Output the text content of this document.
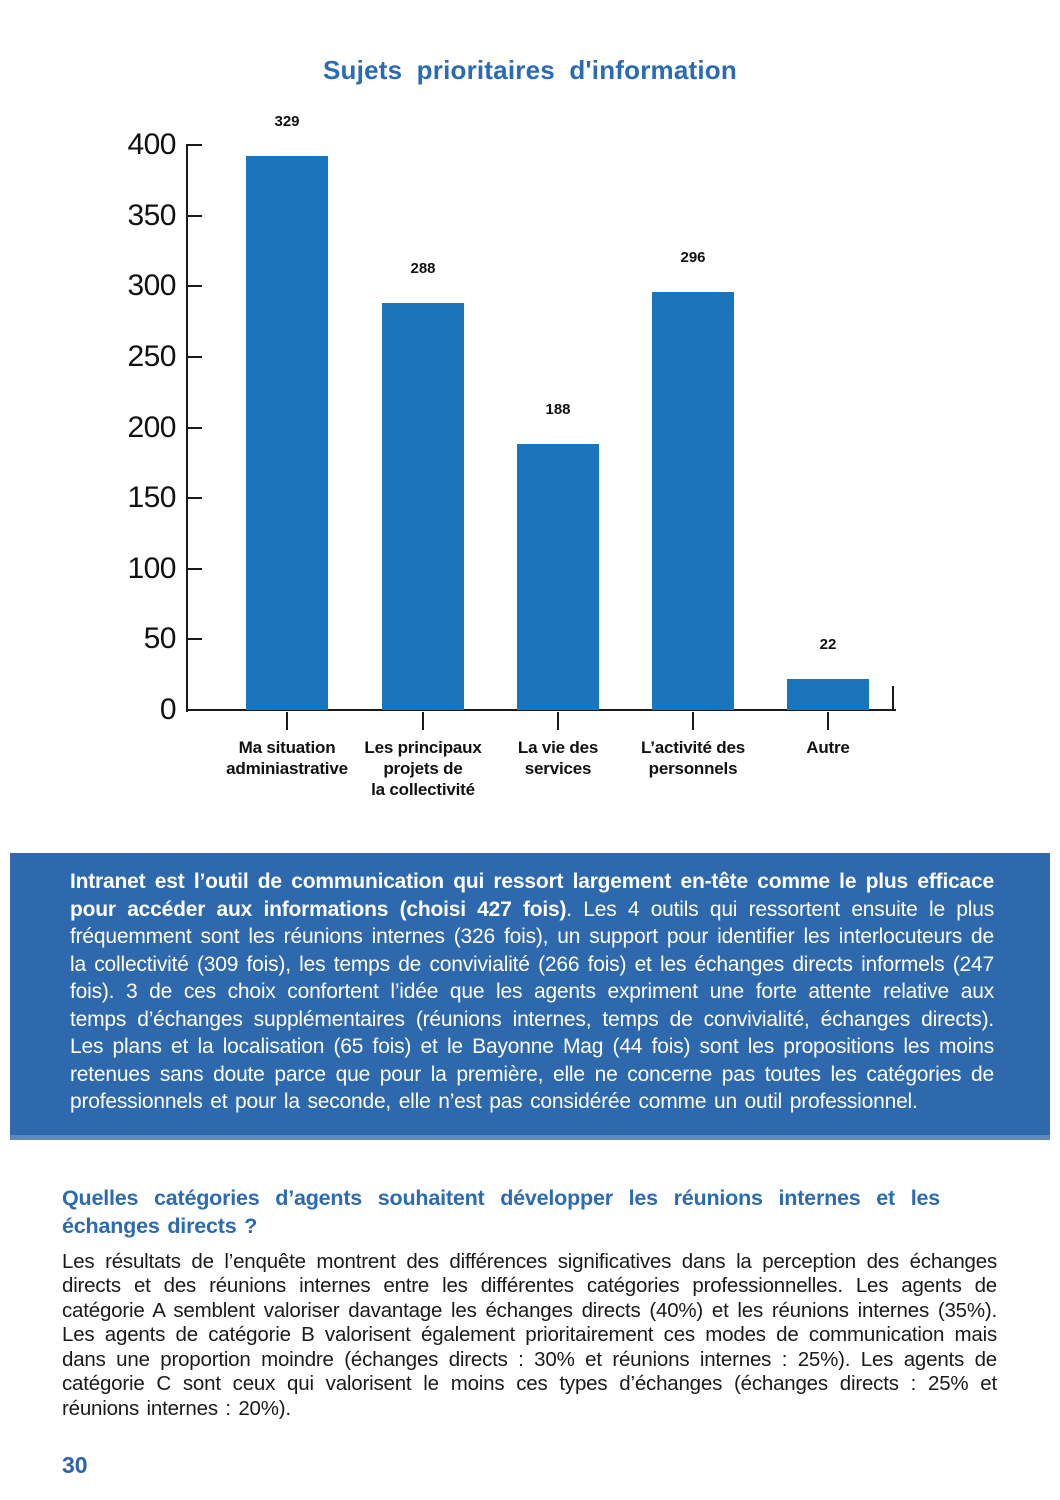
Sujets prioritaires d'information
0
50
100
150
200
250
300
350
400
329
Ma situation
adminiastrative
288
Les principaux
projets de
la collectivité
188
La vie des
services
296
L’activité des
personnels
22
Autre

Intranet est l’outil de communication qui ressort largement en-tête comme le plus efficace pour accéder aux informations (choisi 427 fois). Les 4 outils qui ressortent ensuite le plus fréquemment sont les réunions internes (326 fois), un support pour identifier les interlocuteurs de la collectivité (309 fois), les temps de convivialité (266 fois) et les échanges directs informels (247 fois). 3 de ces choix confortent l’idée que les agents expriment une forte attente relative aux temps d’échanges supplémentaires (réunions internes, temps de convivialité, échanges directs). Les plans et la localisation (65 fois) et le Bayonne Mag (44 fois) sont les propositions les moins retenues sans doute parce que pour la première, elle ne concerne pas toutes les catégories de professionnels et pour la seconde, elle n’est pas considérée comme un outil professionnel.

Quelles catégories d’agents souhaitent développer les réunions internes et les échanges directs ?

Les résultats de l’enquête montrent des différences significatives dans la perception des échanges directs et des réunions internes entre les différentes catégories professionnelles. Les agents de catégorie A semblent valoriser davantage les échanges directs (40%) et les réunions internes (35%). Les agents de catégorie B valorisent également prioritairement ces modes de communication mais dans une proportion moindre (échanges directs : 30% et réunions internes : 25%). Les agents de catégorie C sont ceux qui valorisent le moins ces types d’échanges (échanges directs : 25% et réunions internes : 20%).

30
